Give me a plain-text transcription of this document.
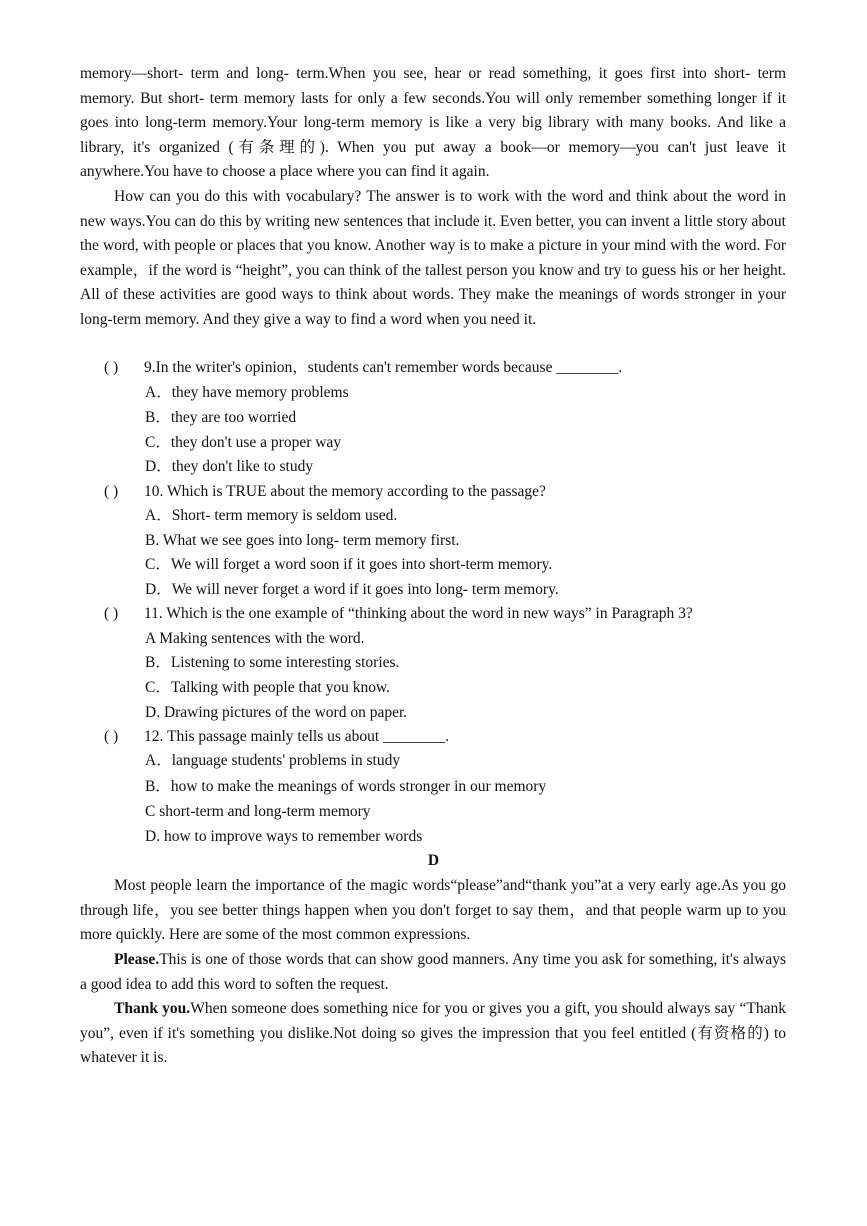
memory—short- term and long- term.When you see, hear or read something, it goes first into short- term memory. But short- term memory lasts for only a few seconds.You will only remember something longer if it goes into long-term memory.Your long-term memory is like a very big library with many books. And like a library, it's organized (有条理的). When you put away a book—or memory—you can't just leave it anywhere.You have to choose a place where you can find it again.

How can you do this with vocabulary? The answer is to work with the word and think about the word in new ways.You can do this by writing new sentences that include it. Even better, you can invent a little story about the word, with people or places that you know. Another way is to make a picture in your mind with the word. For example，if the word is “height”, you can think of the tallest person you know and try to guess his or her height. All of these activities are good ways to think about words. They make the meanings of words stronger in your long-term memory. And they give a way to find a word when you need it.

( ) 9.In the writer's opinion，students can't remember words because ________.
A．they have memory problems
B．they are too worried
C．they don't use a proper way
D．they don't like to study
( ) 10. Which is TRUE about the memory according to the passage?
A．Short- term memory is seldom used.
B. What we see goes into long- term memory first.
C．We will forget a word soon if it goes into short-term memory.
D．We will never forget a word if it goes into long- term memory.
( ) 11. Which is the one example of “thinking about the word in new ways” in Paragraph 3?
A Making sentences with the word.
B．Listening to some interesting stories.
C．Talking with people that you know.
D. Drawing pictures of the word on paper.
( ) 12. This passage mainly tells us about ________.
A．language students' problems in study
B．how to make the meanings of words stronger in our memory
C short-term and long-term memory
D. how to improve ways to remember words
D

Most people learn the importance of the magic words“please”and“thank you”at a very early age.As you go through life，you see better things happen when you don't forget to say them，and that people warm up to you more quickly. Here are some of the most common expressions.

Please.This is one of those words that can show good manners. Any time you ask for something, it's always a good idea to add this word to soften the request.

Thank you.When someone does something nice for you or gives you a gift, you should always say “Thank you”, even if it's something you dislike.Not doing so gives the impression that you feel entitled (有资格的) to whatever it is.
